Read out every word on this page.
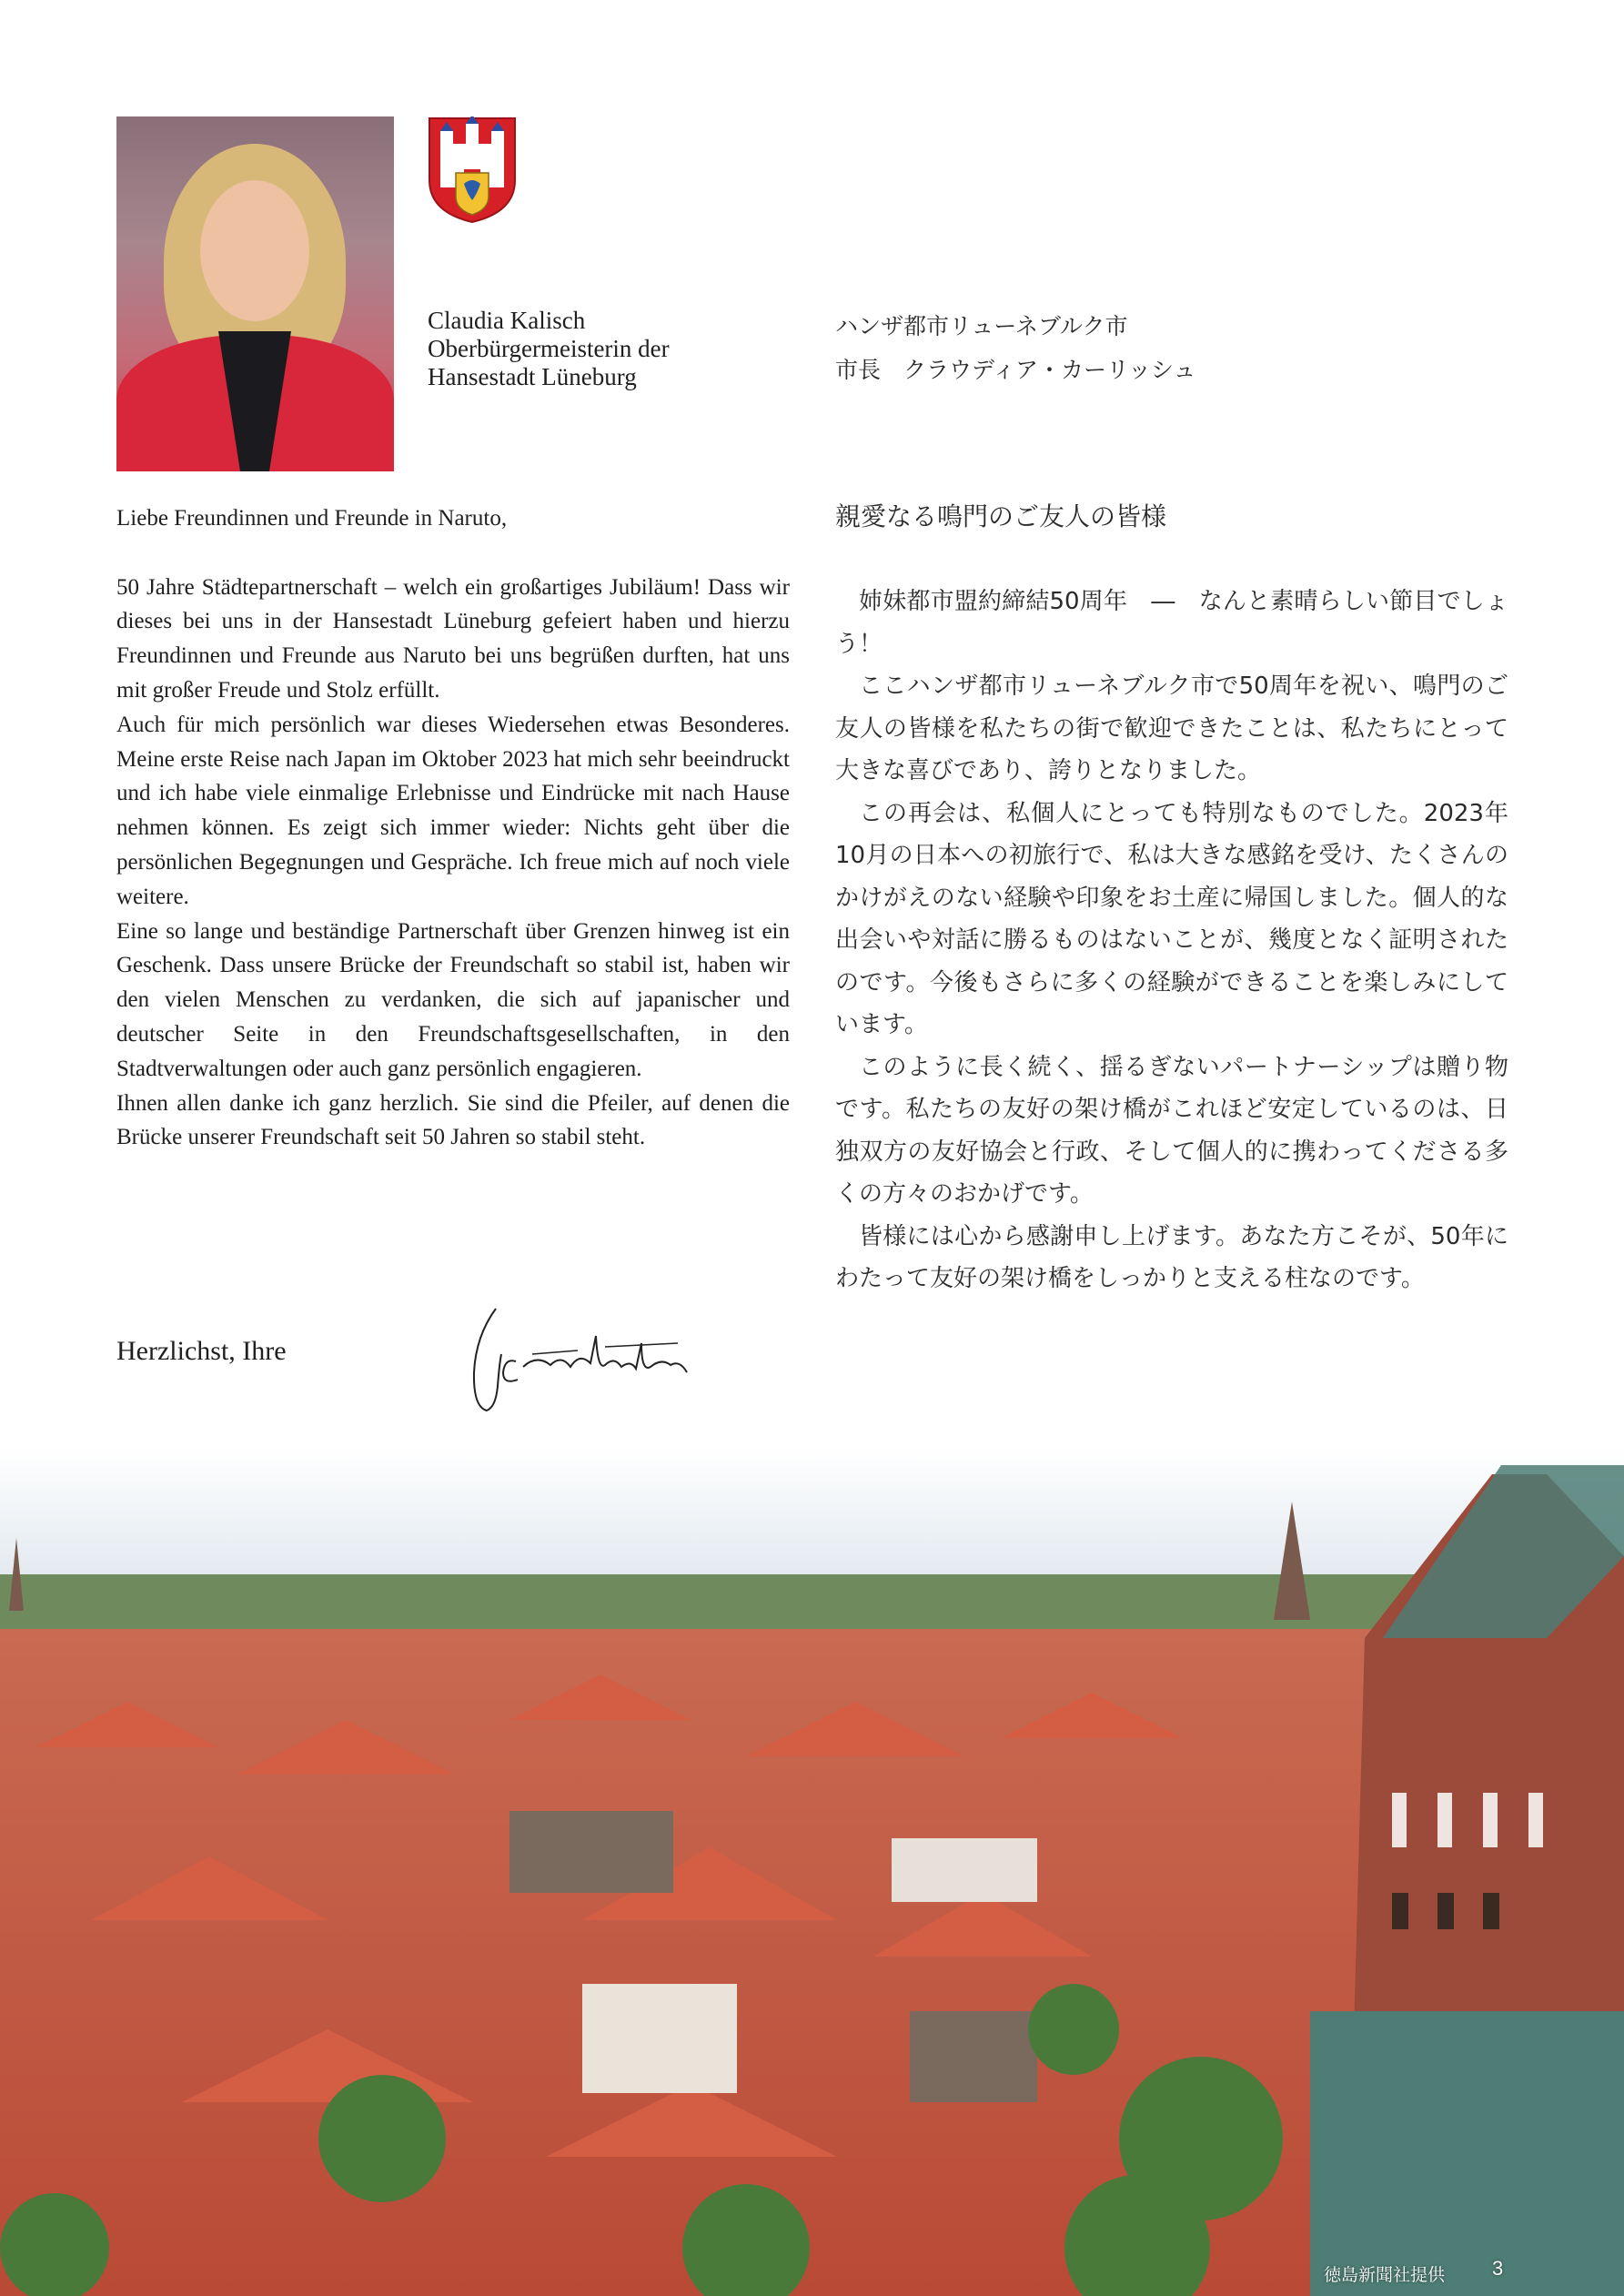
Claudia Kalisch
Oberbürgermeisterin der
Hansestadt Lüneburg
ハンザ都市リューネブルク市
市長　クラウディア・カーリッシュ

Liebe Freundinnen und Freunde in Naruto,

50 Jahre Städtepartnerschaft – welch ein großartiges Jubiläum! Dass wir dieses bei uns in der Hansestadt Lüneburg gefeiert haben und hierzu Freundinnen und Freunde aus Naruto bei uns begrüßen durften, hat uns mit großer Freude und Stolz erfüllt.

Auch für mich persönlich war dieses Wiedersehen etwas Besonderes. Meine erste Reise nach Japan im Oktober 2023 hat mich sehr beeindruckt und ich habe viele einmalige Erlebnisse und Eindrücke mit nach Hause nehmen können. Es zeigt sich immer wieder: Nichts geht über die persönlichen Begegnungen und Gespräche. Ich freue mich auf noch viele weitere.

Eine so lange und beständige Partnerschaft über Grenzen hinweg ist ein Geschenk. Dass unsere Brücke der Freundschaft so stabil ist, haben wir den vielen Menschen zu verdanken, die sich auf japanischer und deutscher Seite in den Freundschaftsgesellschaften, in den Stadtverwaltungen oder auch ganz persönlich engagieren.

Ihnen allen danke ich ganz herzlich. Sie sind die Pfeiler, auf denen die Brücke unserer Freundschaft seit 50 Jahren so stabil steht.

Herzlichst, Ihre

親愛なる鳴門のご友人の皆様

姉妹都市盟約締結50周年　―　なんと素晴らしい節目でしょう！

ここハンザ都市リューネブルク市で50周年を祝い、鳴門のご友人の皆様を私たちの街で歓迎できたことは、私たちにとって大きな喜びであり、誇りとなりました。

この再会は、私個人にとっても特別なものでした。2023年10月の日本への初旅行で、私は大きな感銘を受け、たくさんのかけがえのない経験や印象をお土産に帰国しました。個人的な出会いや対話に勝るものはないことが、幾度となく証明されたのです。今後もさらに多くの経験ができることを楽しみにしています。

このように長く続く、揺るぎないパートナーシップは贈り物です。私たちの友好の架け橋がこれほど安定しているのは、日独双方の友好協会と行政、そして個人的に携わってくださる多くの方々のおかげです。

皆様には心から感謝申し上げます。あなた方こそが、50年にわたって友好の架け橋をしっかりと支える柱なのです。

徳島新聞社提供 3
